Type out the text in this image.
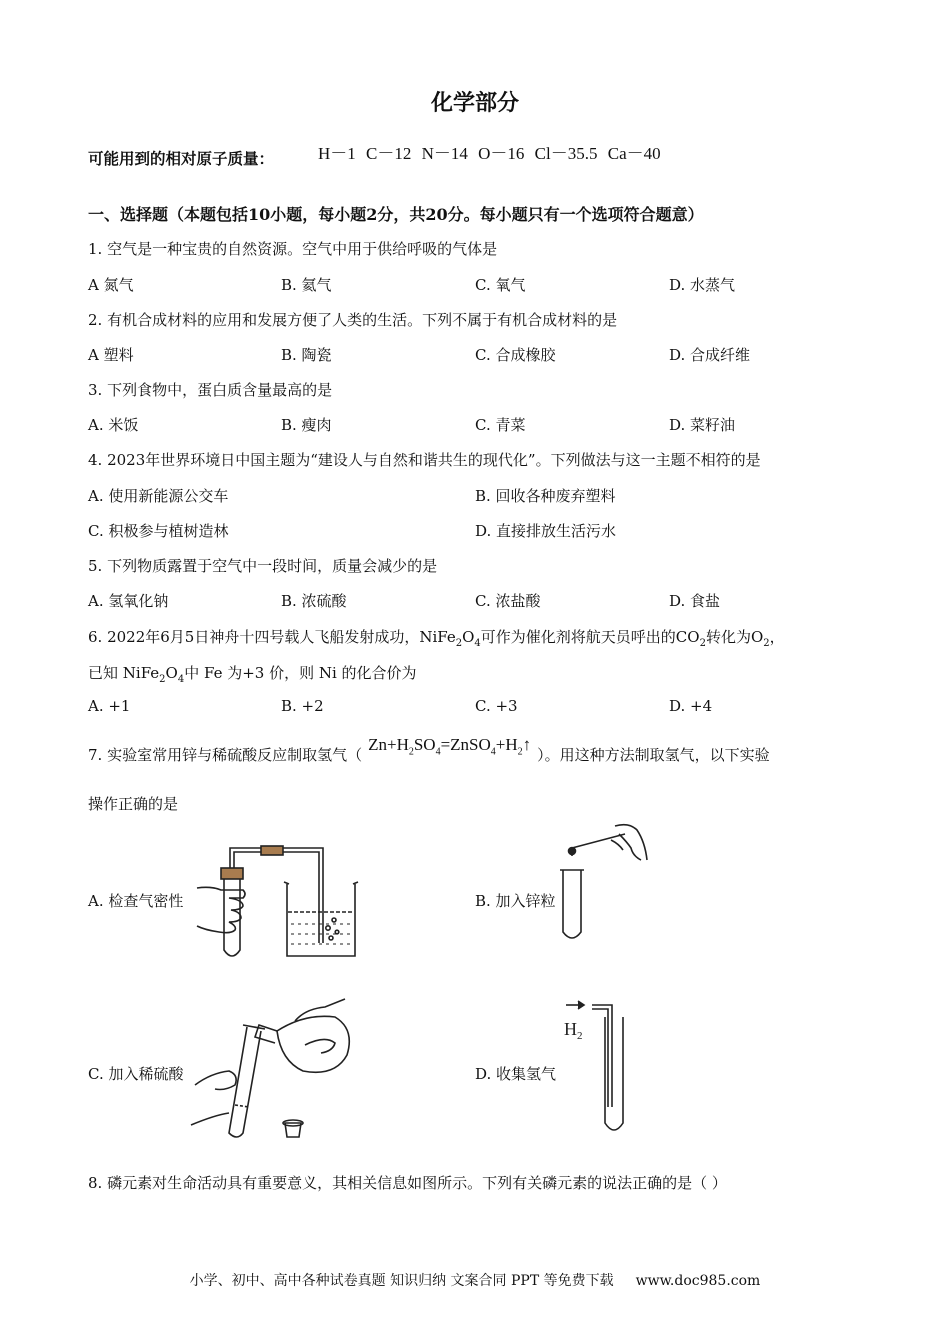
化学部分
可能用到的相对原子质量：	H－1 C－12 N－14 O－16 Cl－35.5 Ca－40
一、选择题（本题包括10小题，每小题2分，共20分。每小题只有一个选项符合题意）
1. 空气是一种宝贵的自然资源。空气中用于供给呼吸的气体是
A 氮气	B. 氦气	C. 氧气	D. 水蒸气
2. 有机合成材料的应用和发展方便了人类的生活。下列不属于有机合成材料的是
A 塑料	B. 陶瓷	C. 合成橡胶	D. 合成纤维
3. 下列食物中，蛋白质含量最高的是
A. 米饭	B. 瘦肉	C. 青菜	D. 菜籽油
4. 2023年世界环境日中国主题为“建设人与自然和谐共生的现代化”。下列做法与这一主题不相符的是
A. 使用新能源公交车	B. 回收各种废弃塑料
C. 积极参与植树造林	D. 直接排放生活污水
5. 下列物质露置于空气中一段时间，质量会减少的是
A. 氢氧化钠	B. 浓硫酸	C. 浓盐酸	D. 食盐
6. 2022年6月5日神舟十四号载人飞船发射成功，$NiFe_2O_4$可作为催化剂将航天员呼出的$CO_2$转化为$O_2$，
已知 $NiFe_2O_4$中 Fe 为+3 价，则 Ni 的化合价为
A. +1	B. +2	C. +3	D. +4
7. 实验室常用锌与稀硫酸反应制取氢气$(Zn+H_2SO_4=ZnSO_4+H_2↑)$。用这种方法制取氢气，以下实验
操作正确的是
A. 检查气密性	B. 加入锌粒
C. 加入稀硫酸	D. 收集氢气
$H_2$
8. 磷元素对生命活动具有重要意义，其相关信息如图所示。下列有关磷元素的说法正确的是（ ）
小学、初中、高中各种试卷真题 知识归纳 文案合同 PPT 等免费下载 www.doc985.com
